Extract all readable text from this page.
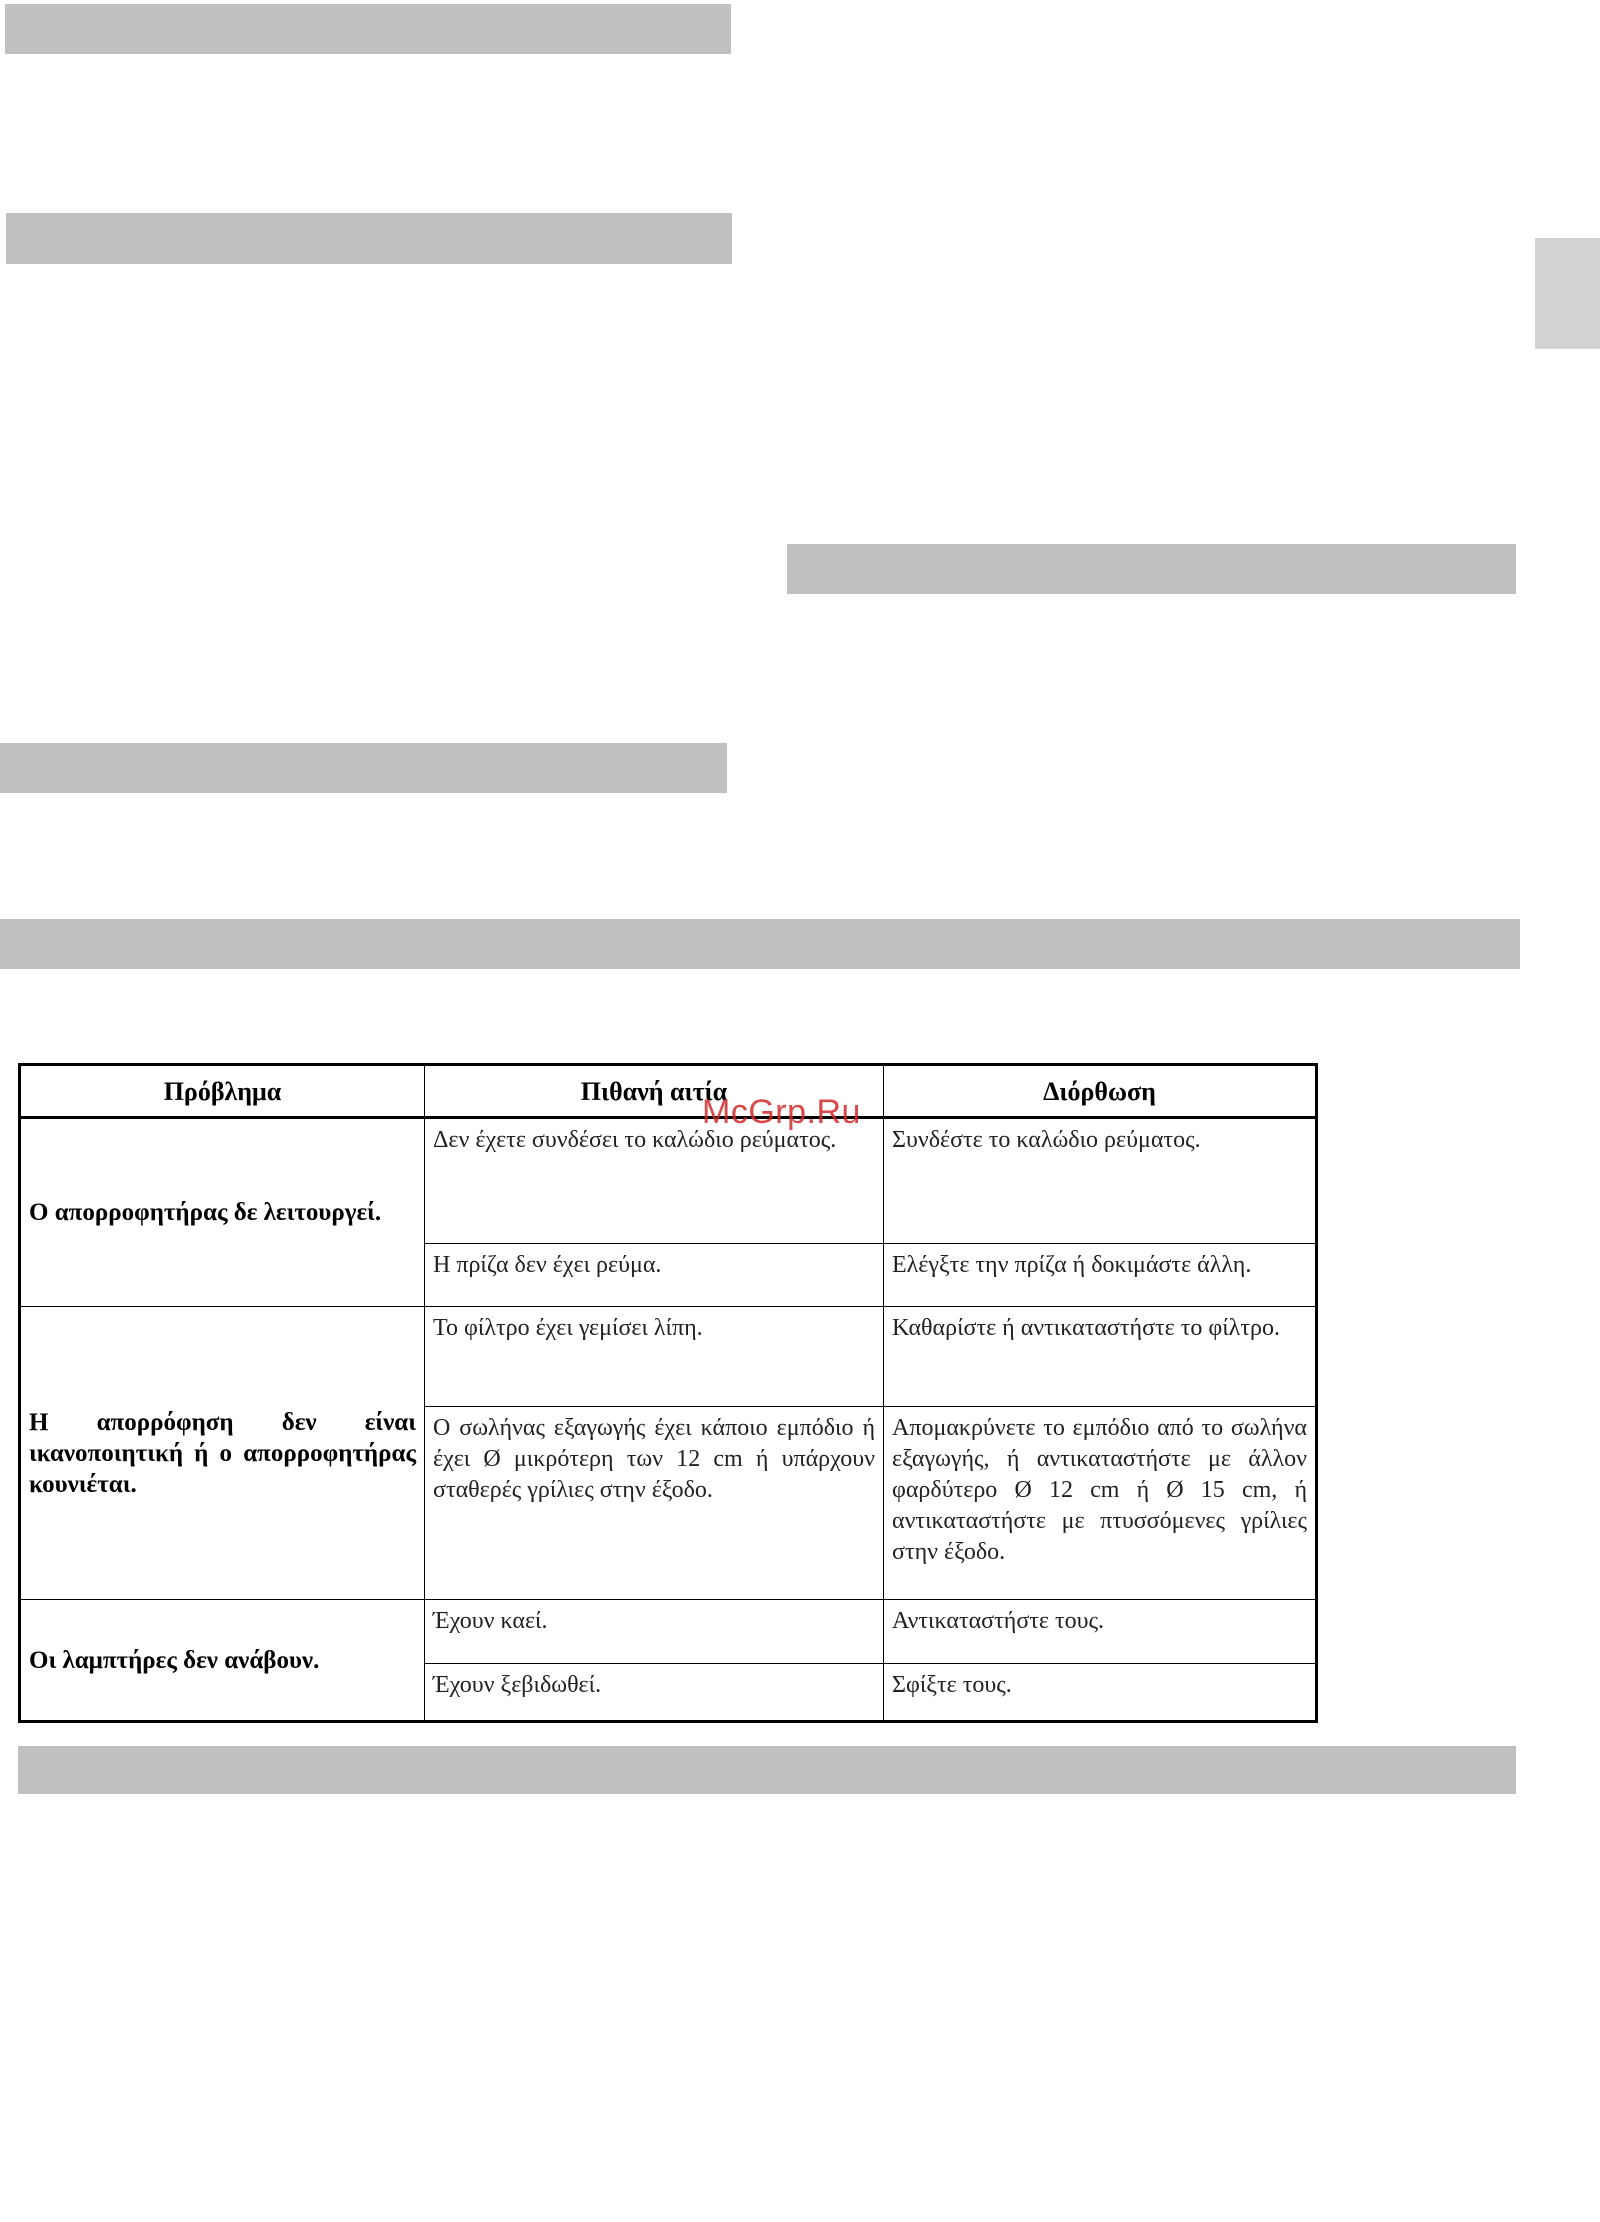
Πρόβλημα	Πιθανή αιτία	Διόρθωση
Ο απορροφητήρας δε λειτουργεί.	Δεν έχετε συνδέσει το καλώδιο ρεύματος.	Συνδέστε το καλώδιο ρεύματος.
	Η πρίζα δεν έχει ρεύμα.	Ελέγξτε την πρίζα ή δοκιμάστε άλλη.
Η απορρόφηση δεν είναι ικανοποιητική ή ο απορροφητήρας κουνιέται.	Το φίλτρο έχει γεμίσει λίπη.	Καθαρίστε ή αντικαταστήστε το φίλτρο.
	Ο σωλήνας εξαγωγής έχει κάποιο εμπόδιο ή έχει Ø μικρότερη των 12 cm ή υπάρχουν σταθερές γρίλιες στην έξοδο.	Απομακρύνετε το εμπόδιο από το σωλήνα εξαγωγής, ή αντικαταστήστε με άλλον φαρδύτερο Ø 12 cm ή Ø 15 cm, ή αντικαταστήστε με πτυσσόμενες γρίλιες στην έξοδο.
Οι λαμπτήρες δεν ανάβουν.	Έχουν καεί.	Αντικαταστήστε τους.
	Έχουν ξεβιδωθεί.	Σφίξτε τους.
McGrp.Ru
